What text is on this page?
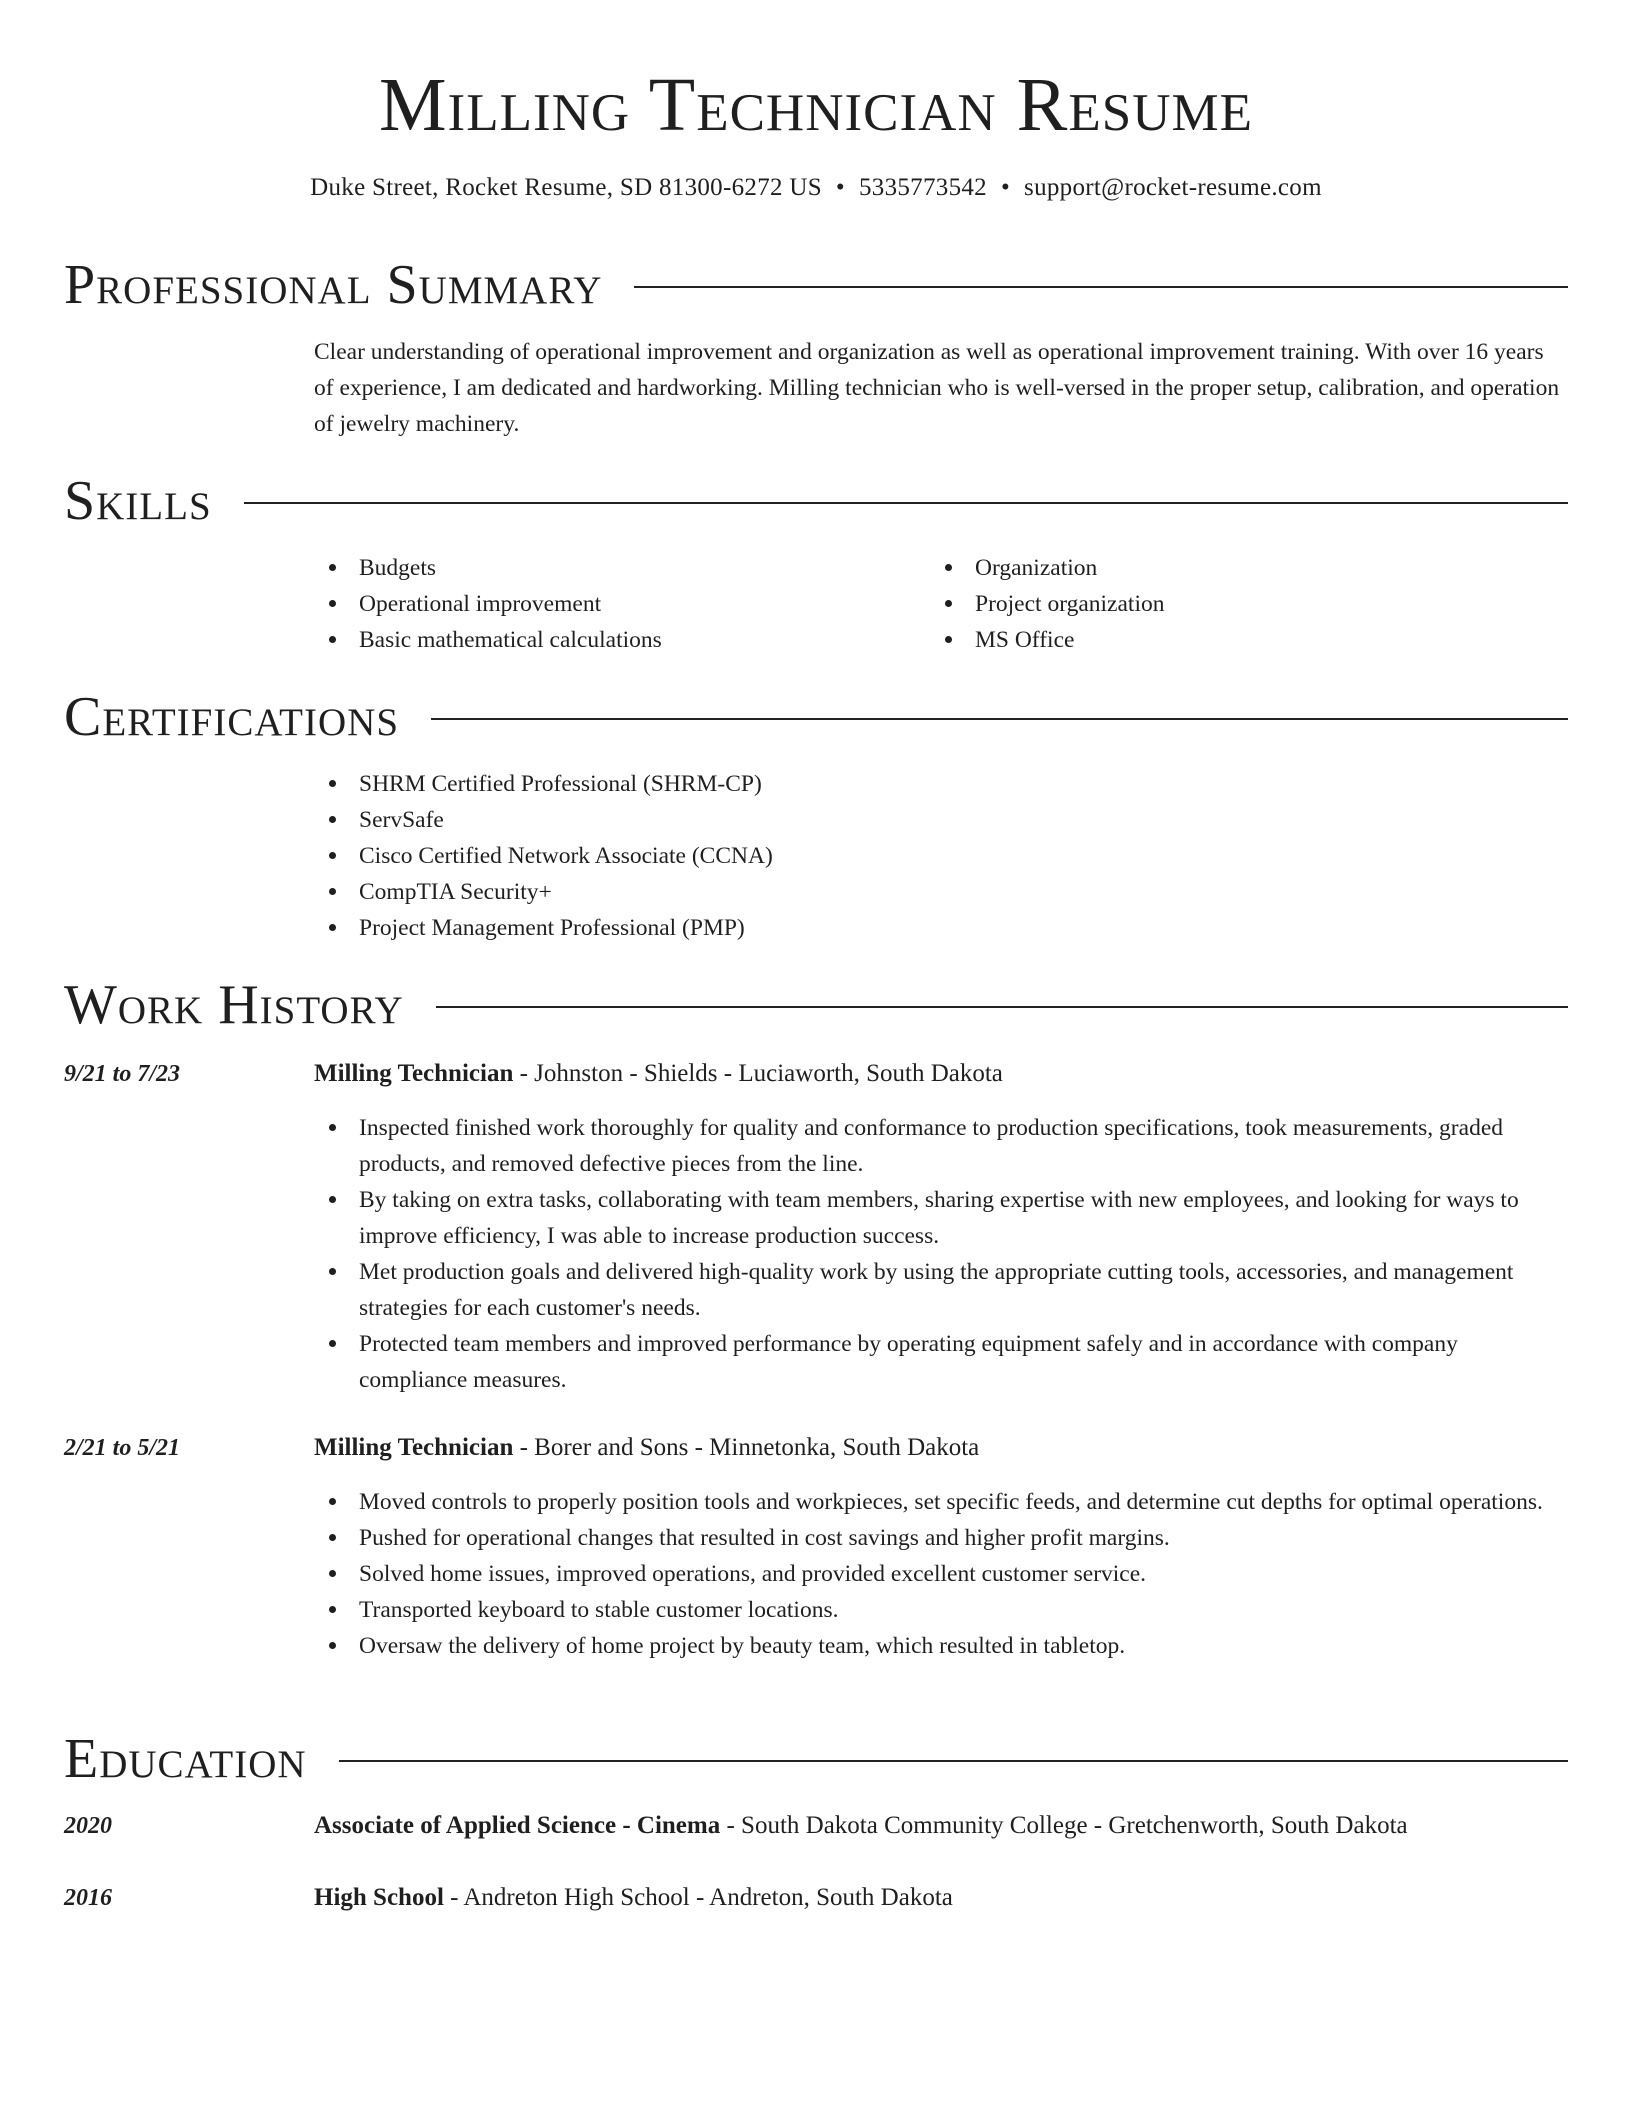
Milling Technician Resume
Duke Street, Rocket Resume, SD 81300-6272 US • 5335773542 • support@rocket-resume.com
Professional Summary
Clear understanding of operational improvement and organization as well as operational improvement training. With over 16 years of experience, I am dedicated and hardworking. Milling technician who is well-versed in the proper setup, calibration, and operation of jewelry machinery.
Skills
Budgets
Operational improvement
Basic mathematical calculations
Organization
Project organization
MS Office
Certifications
SHRM Certified Professional (SHRM-CP)
ServSafe
Cisco Certified Network Associate (CCNA)
CompTIA Security+
Project Management Professional (PMP)
Work History
9/21 to 7/23	Milling Technician - Johnston - Shields - Luciaworth, South Dakota
Inspected finished work thoroughly for quality and conformance to production specifications, took measurements, graded products, and removed defective pieces from the line.
By taking on extra tasks, collaborating with team members, sharing expertise with new employees, and looking for ways to improve efficiency, I was able to increase production success.
Met production goals and delivered high-quality work by using the appropriate cutting tools, accessories, and management strategies for each customer's needs.
Protected team members and improved performance by operating equipment safely and in accordance with company compliance measures.
2/21 to 5/21	Milling Technician - Borer and Sons - Minnetonka, South Dakota
Moved controls to properly position tools and workpieces, set specific feeds, and determine cut depths for optimal operations.
Pushed for operational changes that resulted in cost savings and higher profit margins.
Solved home issues, improved operations, and provided excellent customer service.
Transported keyboard to stable customer locations.
Oversaw the delivery of home project by beauty team, which resulted in tabletop.
Education
2020	Associate of Applied Science - Cinema - South Dakota Community College - Gretchenworth, South Dakota
2016	High School - Andreton High School - Andreton, South Dakota
